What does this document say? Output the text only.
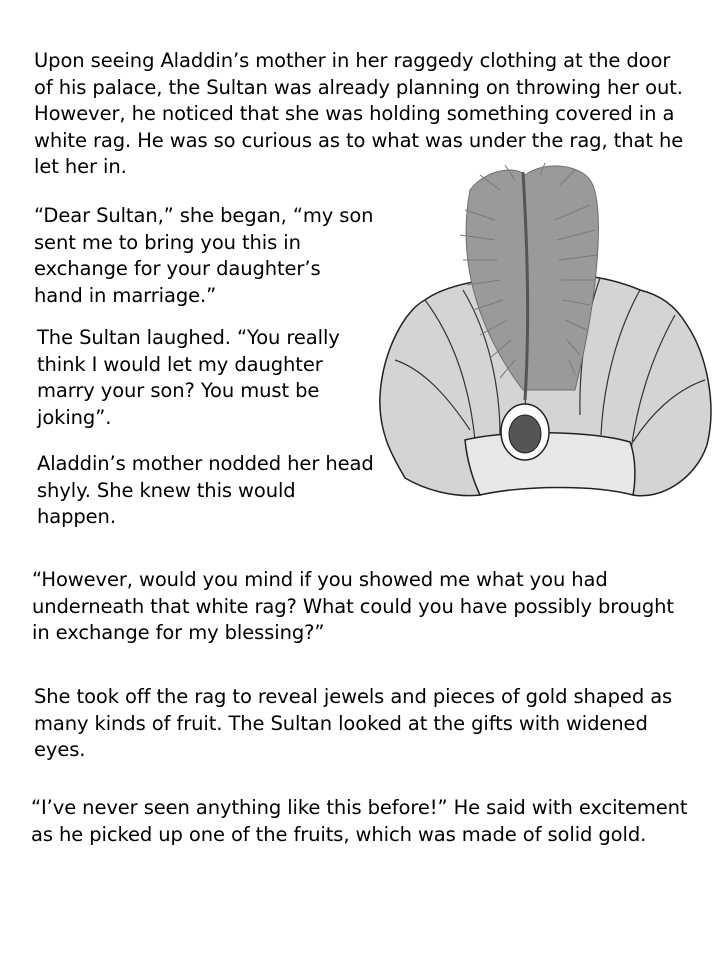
Upon seeing Aladdin’s mother in her raggedy clothing at the door of his palace, the Sultan was already planning on throwing her out. However, he noticed that she was holding something covered in a white rag. He was so curious as to what was under the rag, that he let her in.

“Dear Sultan,” she began, “my son sent me to bring you this in exchange for your daughter’s hand in marriage.”

The Sultan laughed. “You really think I would let my daughter marry your son? You must be joking”.

Aladdin’s mother nodded her head shyly. She knew this would happen.

“However, would you mind if you showed me what you had underneath that white rag? What could you have possibly brought in exchange for my blessing?”

She took off the rag to reveal jewels and pieces of gold shaped as many kinds of fruit. The Sultan looked at the gifts with widened eyes.

“I’ve never seen anything like this before!” He said with excitement as he picked up one of the fruits, which was made of solid gold.
